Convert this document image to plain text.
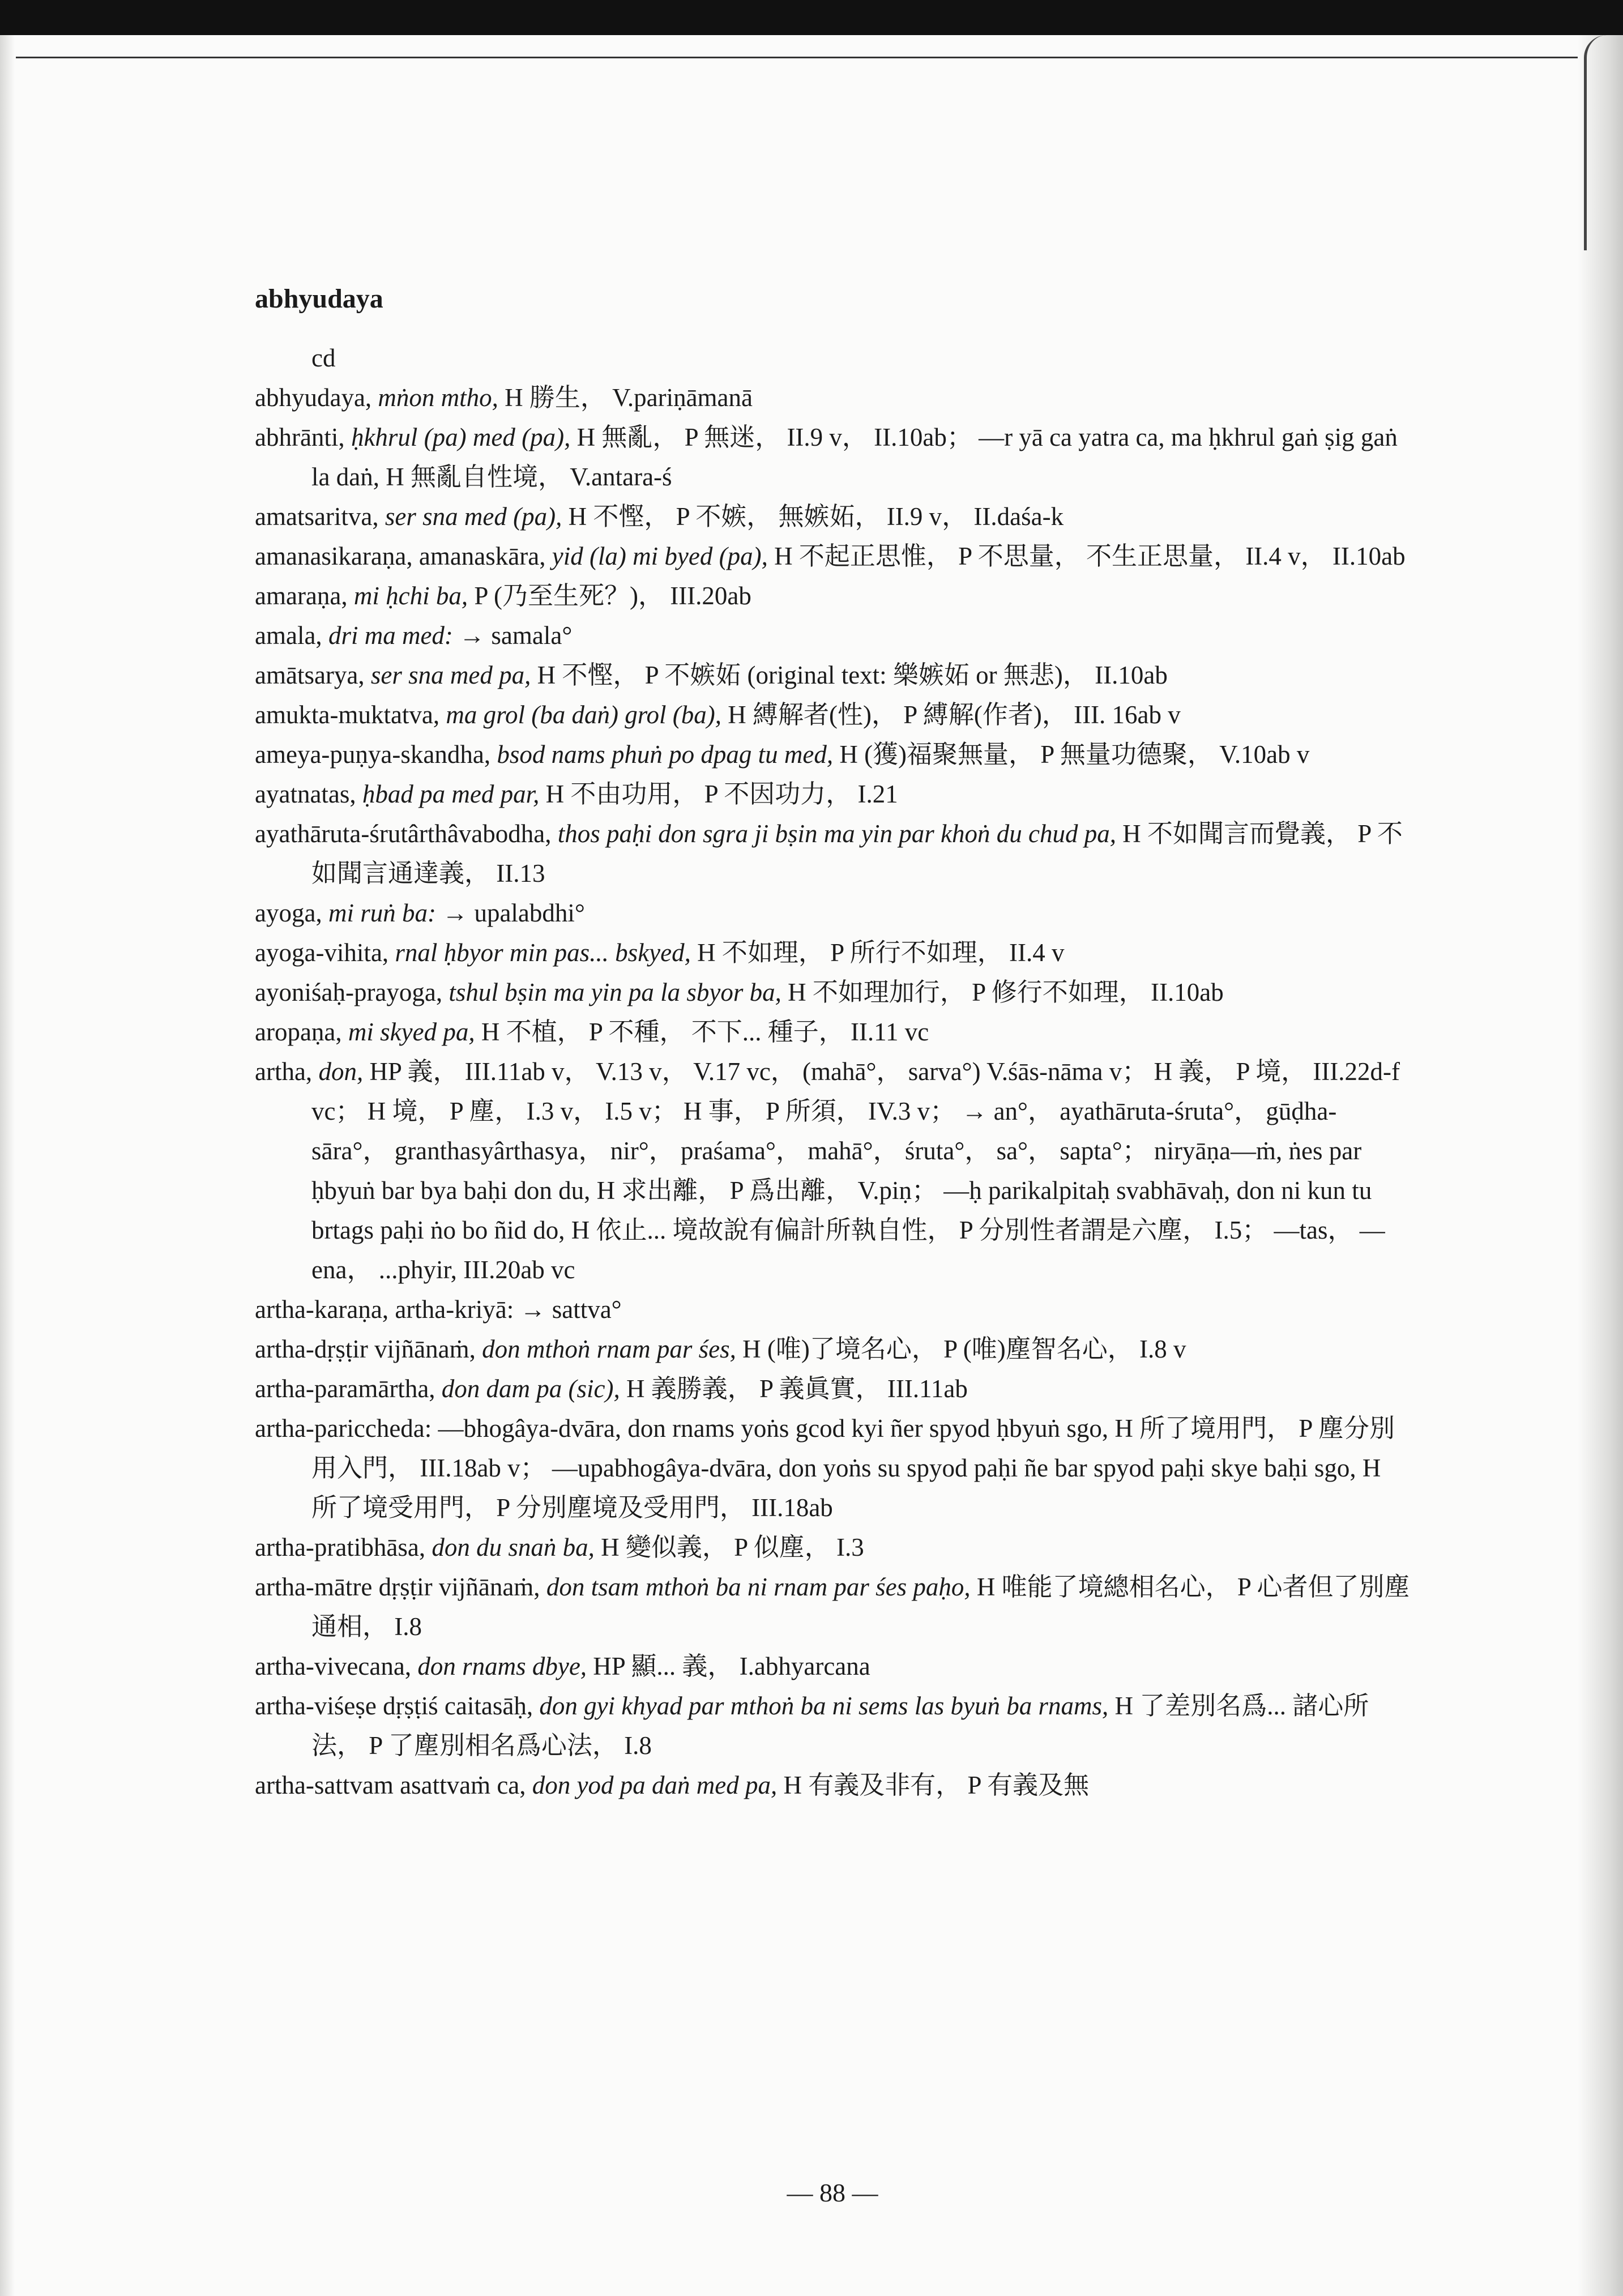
abhyudaya

cd

abhyudaya, mṅon mtho, H 勝生， V.pariṇāmanā

abhrānti, ḥkhrul (pa) med (pa), H 無亂， P 無迷， II.9 v， II.10ab； —r yā ca yatra ca, ma ḥkhrul gaṅ ṣig gaṅ la daṅ, H 無亂自性境， V.antara-ś

amatsaritva, ser sna med (pa), H 不慳， P 不嫉， 無嫉妬， II.9 v， II.daśa-k

amanasikaraṇa, amanaskāra, yid (la) mi byed (pa), H 不起正思惟， P 不思量， 不生正思量， II.4 v， II.10ab

amaraṇa, mi ḥchi ba, P (乃至生死？)， III.20ab

amala, dri ma med: → samala°

amātsarya, ser sna med pa, H 不慳， P 不嫉妬 (original text: 樂嫉妬 or 無悲)， II.10ab

amukta-muktatva, ma grol (ba daṅ) grol (ba), H 縛解者(性)， P 縛解(作者)， III. 16ab v

ameya-puṇya-skandha, bsod nams phuṅ po dpag tu med, H (獲)福聚無量， P 無量功德聚， V.10ab v

ayatnatas, ḥbad pa med par, H 不由功用， P 不因功力， I.21

ayathāruta-śrutârthâvabodha, thos paḥi don sgra ji bṣin ma yin par khoṅ du chud pa, H 不如聞言而覺義， P 不如聞言通達義， II.13

ayoga, mi ruṅ ba: → upalabdhi°

ayoga-vihita, rnal ḥbyor min pas... bskyed, H 不如理， P 所行不如理， II.4 v

ayoniśaḥ-prayoga, tshul bṣin ma yin pa la sbyor ba, H 不如理加行， P 修行不如理， II.10ab

aropaṇa, mi skyed pa, H 不植， P 不種， 不下... 種子， II.11 vc

artha, don, HP 義， III.11ab v， V.13 v， V.17 vc， (mahā°， sarva°) V.śās-nāma v； H 義， P 境， III.22d-f vc； H 境， P 塵， I.3 v， I.5 v； H 事， P 所須， IV.3 v； → an°， ayathāruta-śruta°， gūḍha-sāra°， granthasyârthasya， nir°， praśama°， mahā°， śruta°， sa°， sapta°； niryāṇa—ṁ, ṅes par ḥbyuṅ bar bya baḥi don du, H 求出離， P 爲出離， V.piṇ； —ḥ parikalpitaḥ svabhāvaḥ, don ni kun tu brtags paḥi ṅo bo ñid do, H 依止... 境故說有偏計所執自性， P 分別性者謂是六塵， I.5； —tas， —ena， ...phyir, III.20ab vc

artha-karaṇa, artha-kriyā: → sattva°

artha-dṛṣṭir vijñānaṁ, don mthoṅ rnam par śes, H (唯)了境名心， P (唯)塵智名心， I.8 v

artha-paramārtha, don dam pa (sic), H 義勝義， P 義眞實， III.11ab

artha-pariccheda: —bhogâya-dvāra, don rnams yoṅs gcod kyi ñer spyod ḥbyuṅ sgo, H 所了境用門， P 塵分別用入門， III.18ab v； —upabhogâya-dvāra, don yoṅs su spyod paḥi ñe bar spyod paḥi skye baḥi sgo, H 所了境受用門， P 分別塵境及受用門， III.18ab

artha-pratibhāsa, don du snaṅ ba, H 變似義， P 似塵， I.3

artha-mātre dṛṣṭir vijñānaṁ, don tsam mthoṅ ba ni rnam par śes paḥo, H 唯能了境總相名心， P 心者但了別塵通相， I.8

artha-vivecana, don rnams dbye, HP 顯... 義， I.abhyarcana

artha-viśeṣe dṛṣṭiś caitasāḥ, don gyi khyad par mthoṅ ba ni sems las byuṅ ba rnams, H 了差別名爲... 諸心所法， P 了塵別相名爲心法， I.8

artha-sattvam asattvaṁ ca, don yod pa daṅ med pa, H 有義及非有， P 有義及無

— 88 —
